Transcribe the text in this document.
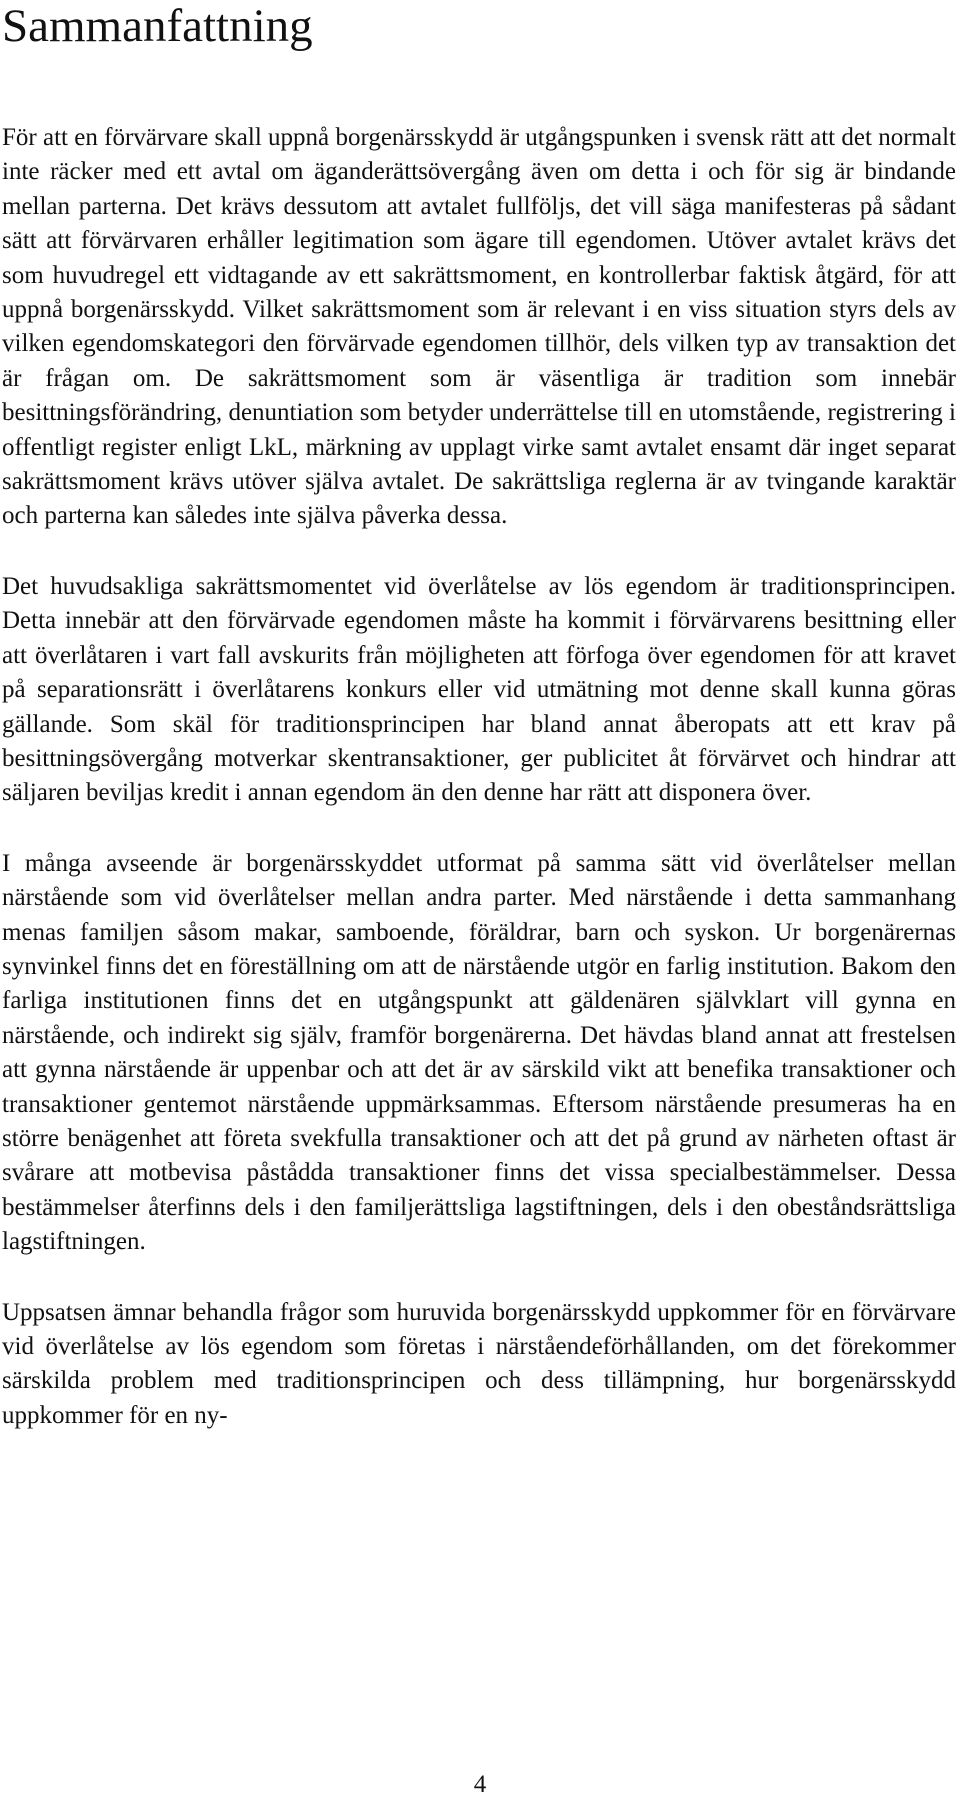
Sammanfattning

För att en förvärvare skall uppnå borgenärsskydd är utgångspunken i svensk rätt att det normalt inte räcker med ett avtal om äganderättsövergång även om detta i och för sig är bindande mellan parterna. Det krävs dessutom att avtalet fullföljs, det vill säga manifesteras på sådant sätt att förvärvaren erhåller legitimation som ägare till egendomen. Utöver avtalet krävs det som huvudregel ett vidtagande av ett sakrättsmoment, en kontrollerbar faktisk åtgärd, för att uppnå borgenärsskydd. Vilket sakrättsmoment som är relevant i en viss situation styrs dels av vilken egendomskategori den förvärvade egendomen tillhör, dels vilken typ av transaktion det är frågan om. De sakrättsmoment som är väsentliga är tradition som innebär besittningsförändring, denuntiation som betyder underrättelse till en utomstående, registrering i offentligt register enligt LkL, märkning av upplagt virke samt avtalet ensamt där inget separat sakrättsmoment krävs utöver själva avtalet. De sakrättsliga reglerna är av tvingande karaktär och parterna kan således inte själva påverka dessa.

Det huvudsakliga sakrättsmomentet vid överlåtelse av lös egendom är traditionsprincipen. Detta innebär att den förvärvade egendomen måste ha kommit i förvärvarens besittning eller att överlåtaren i vart fall avskurits från möjligheten att förfoga över egendomen för att kravet på separationsrätt i överlåtarens konkurs eller vid utmätning mot denne skall kunna göras gällande. Som skäl för traditionsprincipen har bland annat åberopats att ett krav på besittningsövergång motverkar skentransaktioner, ger publicitet åt förvärvet och hindrar att säljaren beviljas kredit i annan egendom än den denne har rätt att disponera över.

I många avseende är borgenärsskyddet utformat på samma sätt vid överlåtelser mellan närstående som vid överlåtelser mellan andra parter. Med närstående i detta sammanhang menas familjen såsom makar, samboende, föräldrar, barn och syskon. Ur borgenärernas synvinkel finns det en föreställning om att de närstående utgör en farlig institution. Bakom den farliga institutionen finns det en utgångspunkt att gäldenären självklart vill gynna en närstående, och indirekt sig själv, framför borgenärerna. Det hävdas bland annat att frestelsen att gynna närstående är uppenbar och att det är av särskild vikt att benefika transaktioner och transaktioner gentemot närstående uppmärksammas. Eftersom närstående presumeras ha en större benägenhet att företa svekfulla transaktioner och att det på grund av närheten oftast är svårare att motbevisa påstådda transaktioner finns det vissa specialbestämmelser. Dessa bestämmelser återfinns dels i den familjerättsliga lagstiftningen, dels i den obeståndsrättsliga lagstiftningen.

Uppsatsen ämnar behandla frågor som huruvida borgenärsskydd uppkommer för en förvärvare vid överlåtelse av lös egendom som företas i närståendeförhållanden, om det förekommer särskilda problem med traditionsprincipen och dess tillämpning, hur borgenärsskydd uppkommer för en ny-

4
